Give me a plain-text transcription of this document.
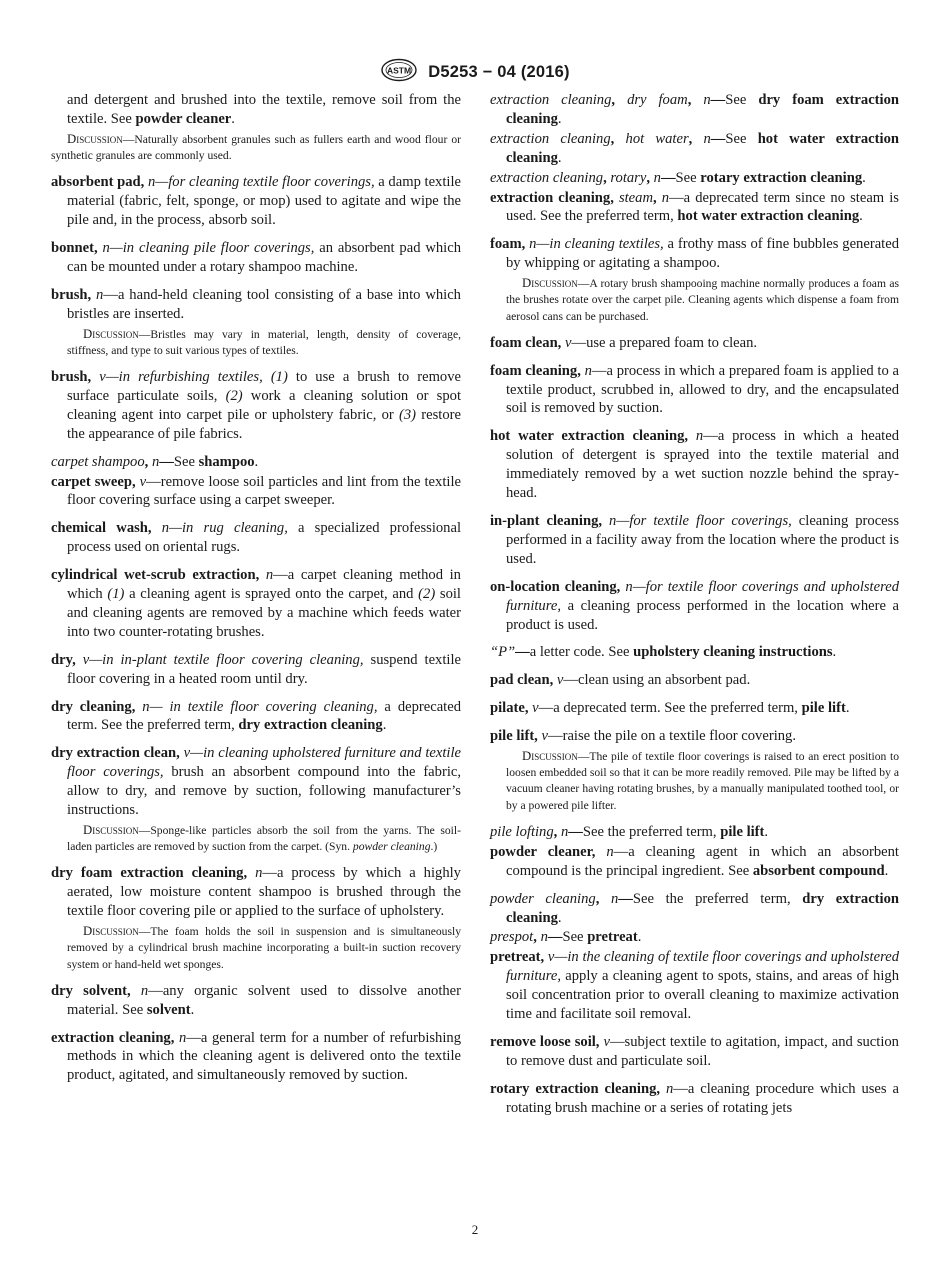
ASTM D5253 − 04 (2016)

and detergent and brushed into the textile, remove soil from the textile. See powder cleaner.

Discussion—Naturally absorbent granules such as fullers earth and wood flour or synthetic granules are commonly used.

absorbent pad, n—for cleaning textile floor coverings, a damp textile material (fabric, felt, sponge, or mop) used to agitate and wipe the pile and, in the process, absorb soil.

bonnet, n—in cleaning pile floor coverings, an absorbent pad which can be mounted under a rotary shampoo machine.

brush, n—a hand-held cleaning tool consisting of a base into which bristles are inserted.

Discussion—Bristles may vary in material, length, density of coverage, stiffness, and type to suit various types of textiles.

brush, v—in refurbishing textiles, (1) to use a brush to remove surface particulate soils, (2) work a cleaning solution or spot cleaning agent into carpet pile or upholstery fabric, or (3) restore the appearance of pile fabrics.

carpet shampoo, n—See shampoo.

carpet sweep, v—remove loose soil particles and lint from the textile floor covering surface using a carpet sweeper.

chemical wash, n—in rug cleaning, a specialized professional process used on oriental rugs.

cylindrical wet-scrub extraction, n—a carpet cleaning method in which (1) a cleaning agent is sprayed onto the carpet, and (2) soil and cleaning agents are removed by a machine which feeds water into two counter-rotating brushes.

dry, v—in in-plant textile floor covering cleaning, suspend textile floor covering in a heated room until dry.

dry cleaning, n— in textile floor covering cleaning, a deprecated term. See the preferred term, dry extraction cleaning.

dry extraction clean, v—in cleaning upholstered furniture and textile floor coverings, brush an absorbent compound into the fabric, allow to dry, and remove by suction, following manufacturer’s instructions.

Discussion—Sponge-like particles absorb the soil from the yarns. The soil-laden particles are removed by suction from the carpet. (Syn. powder cleaning.)

dry foam extraction cleaning, n—a process by which a highly aerated, low moisture content shampoo is brushed through the textile floor covering pile or applied to the surface of upholstery.

Discussion—The foam holds the soil in suspension and is simultaneously removed by a cylindrical brush machine incorporating a built-in suction recovery system or hand-held wet sponges.

dry solvent, n—any organic solvent used to dissolve another material. See solvent.

extraction cleaning, n—a general term for a number of refurbishing methods in which the cleaning agent is delivered onto the textile product, agitated, and simultaneously removed by suction.

extraction cleaning, dry foam, n—See dry foam extraction cleaning.

extraction cleaning, hot water, n—See hot water extraction cleaning.

extraction cleaning, rotary, n—See rotary extraction cleaning.

extraction cleaning, steam, n—a deprecated term since no steam is used. See the preferred term, hot water extraction cleaning.

foam, n—in cleaning textiles, a frothy mass of fine bubbles generated by whipping or agitating a shampoo.

Discussion—A rotary brush shampooing machine normally produces a foam as the brushes rotate over the carpet pile. Cleaning agents which dispense a foam from aerosol cans can be purchased.

foam clean, v—use a prepared foam to clean.

foam cleaning, n—a process in which a prepared foam is applied to a textile product, scrubbed in, allowed to dry, and the encapsulated soil is removed by suction.

hot water extraction cleaning, n—a process in which a heated solution of detergent is sprayed into the textile material and immediately removed by a wet suction nozzle behind the spray-head.

in-plant cleaning, n—for textile floor coverings, cleaning process performed in a facility away from the location where the product is used.

on-location cleaning, n—for textile floor coverings and upholstered furniture, a cleaning process performed in the location where a product is used.

“P”—a letter code. See upholstery cleaning instructions.

pad clean, v—clean using an absorbent pad.

pilate, v—a deprecated term. See the preferred term, pile lift.

pile lift, v—raise the pile on a textile floor covering.

Discussion—The pile of textile floor coverings is raised to an erect position to loosen embedded soil so that it can be more readily removed. Pile may be lifted by a vacuum cleaner having rotating brushes, by a manually manipulated toothed tool, or by a powered pile lifter.

pile lofting, n—See the preferred term, pile lift.

powder cleaner, n—a cleaning agent in which an absorbent compound is the principal ingredient. See absorbent compound.

powder cleaning, n—See the preferred term, dry extraction cleaning.

prespot, n—See pretreat.

pretreat, v—in the cleaning of textile floor coverings and upholstered furniture, apply a cleaning agent to spots, stains, and areas of high soil concentration prior to overall cleaning to maximize activation time and facilitate soil removal.

remove loose soil, v—subject textile to agitation, impact, and suction to remove dust and particulate soil.

rotary extraction cleaning, n—a cleaning procedure which uses a rotating brush machine or a series of rotating jets

2
